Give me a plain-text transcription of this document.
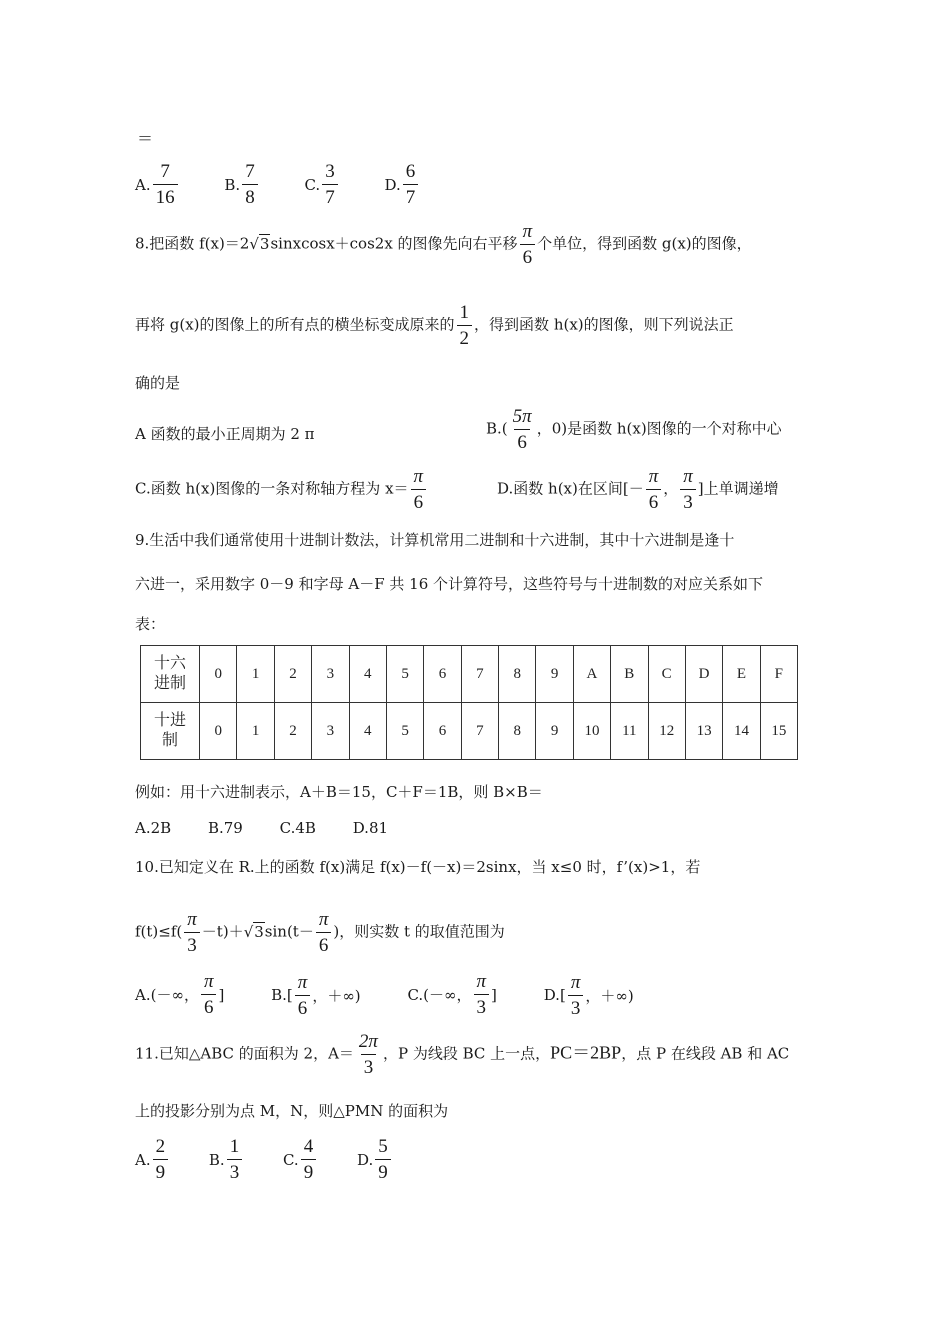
＝
A. $\frac{7}{16}$
	B. $\frac{7}{8}$
	C. $\frac{3}{7}$
	D. $\frac{6}{7}$
8.把函数 f(x)＝2√3sinxcosx＋cos2x 的图像先向右平移 $\frac{\pi}{6}$ 个单位，得到函数 g(x)的图像，
再将 g(x)的图像上的所有点的横坐标变成原来的 $\frac{1}{2}$ ，得到函数 h(x)的图像，则下列说法正
确的是
A 函数的最小正周期为 2 π	$B.( \frac{5\pi}{6}$ ，0)是函数 h(x)图像的一个对称中心
C.函数 h(x)图像的一条对称轴方程为 $x= \frac{\pi}{6}$	D.函数 h(x)在区间[－ $\frac{\pi}{6}$ ， $\frac{\pi}{3}$ ]上单调递增
9.生活中我们通常使用十进制计数法，计算机常用二进制和十六进制，其中十六进制是逢十
六进一，采用数字 0－9 和字母 A－F 共 16 个计算符号，这些符号与十进制数的对应关系如下
表：
十六
进制	0	1	2	3	4	5	6	7	8	9	A	B	C	D	E	F
十进
制	0	1	2	3	4	5	6	7	8	9	10	11	12	13	14	15
例如：用十六进制表示，A＋B＝15，C＋F＝1B，则 B×B＝
A.2B B.79 C.4B D.81
10.已知定义在 R.上的函数 f(x)满足 f(x)－f(－x)＝2sinx，当 x≤0 时，f’(x)>1，若
$f(t)\le f( \frac{\pi}{3} -t)+√3\sin(t- \frac{\pi}{6}$ )，则实数 t 的取值范围为
A.(－∞， $\frac{\pi}{6}$ ]
	$B.[ \frac{\pi}{6}$ ，＋∞)
	C.(－∞， $\frac{\pi}{3}$ ]
	$D.[ \frac{\pi}{3}$ ，＋∞)
11.已知△ABC 的面积为 2，$A= \frac{2\pi}{3}$ ，P 为线段 BC 上一点，PC＝2BP，点 P 在线段 AB 和 AC
上的投影分别为点 M，N，则△PMN 的面积为
A. $\frac{2}{9}$
	B. $\frac{1}{3}$
	C. $\frac{4}{9}$
	D. $\frac{5}{9}$
